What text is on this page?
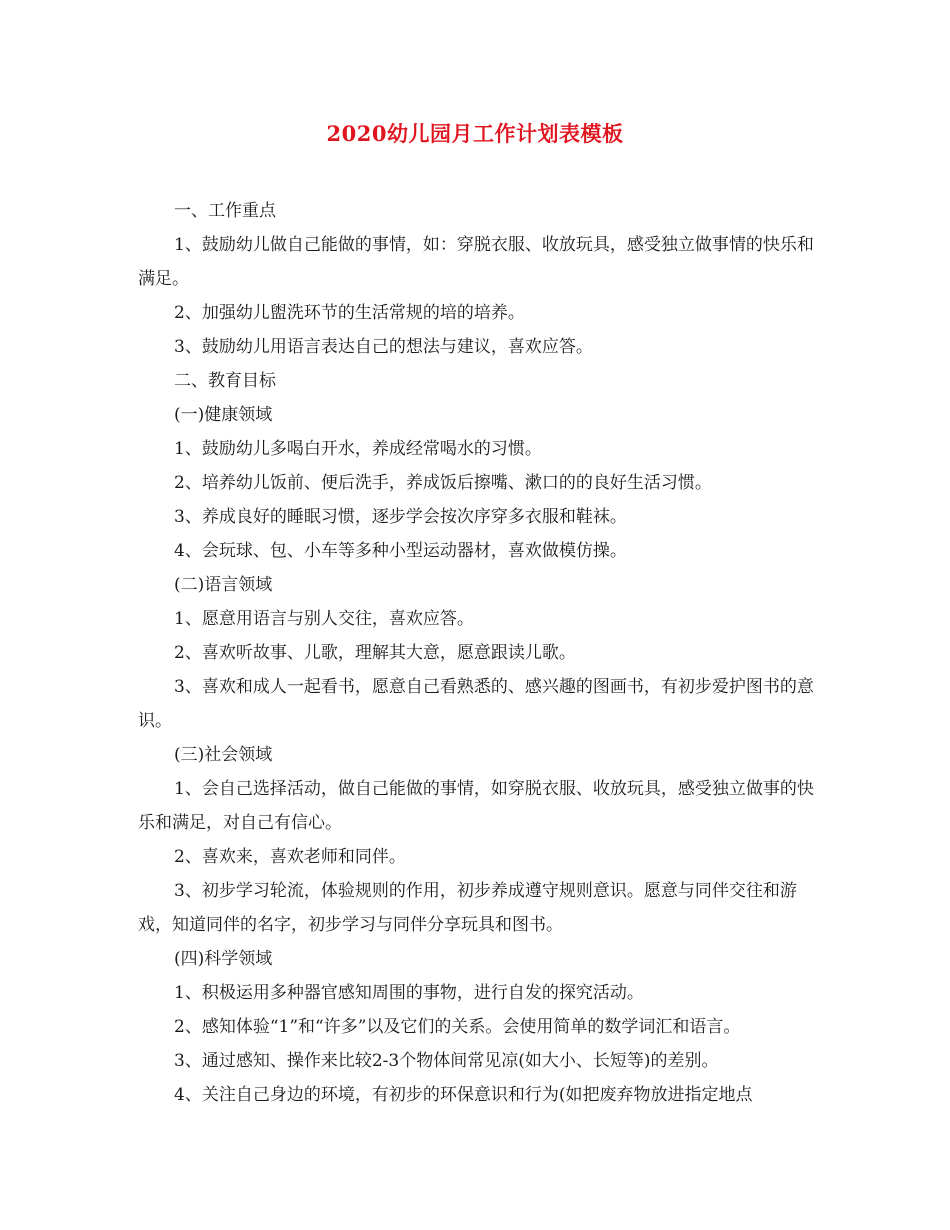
2020幼儿园月工作计划表模板

一、工作重点

1、鼓励幼儿做自己能做的事情，如：穿脱衣服、收放玩具，感受独立做事情的快乐和满足。

2、加强幼儿盥洗环节的生活常规的培的培养。

3、鼓励幼儿用语言表达自己的想法与建议，喜欢应答。

二、教育目标

(一)健康领域

1、鼓励幼儿多喝白开水，养成经常喝水的习惯。

2、培养幼儿饭前、便后洗手，养成饭后擦嘴、漱口的的良好生活习惯。

3、养成良好的睡眠习惯，逐步学会按次序穿多衣服和鞋袜。

4、会玩球、包、小车等多种小型运动器材，喜欢做模仿操。

(二)语言领域

1、愿意用语言与别人交往，喜欢应答。

2、喜欢听故事、儿歌，理解其大意，愿意跟读儿歌。

3、喜欢和成人一起看书，愿意自己看熟悉的、感兴趣的图画书，有初步爱护图书的意识。

(三)社会领域

1、会自己选择活动，做自己能做的事情，如穿脱衣服、收放玩具，感受独立做事的快乐和满足，对自己有信心。

2、喜欢来，喜欢老师和同伴。

3、初步学习轮流，体验规则的作用，初步养成遵守规则意识。愿意与同伴交往和游戏，知道同伴的名字，初步学习与同伴分享玩具和图书。

(四)科学领域

1、积极运用多种器官感知周围的事物，进行自发的探究活动。

2、感知体验“1”和“许多”以及它们的关系。会使用简单的数学词汇和语言。

3、通过感知、操作来比较2-3个物体间常见凉(如大小、长短等)的差别。

4、关注自己身边的环境，有初步的环保意识和行为(如把废弃物放进指定地点
